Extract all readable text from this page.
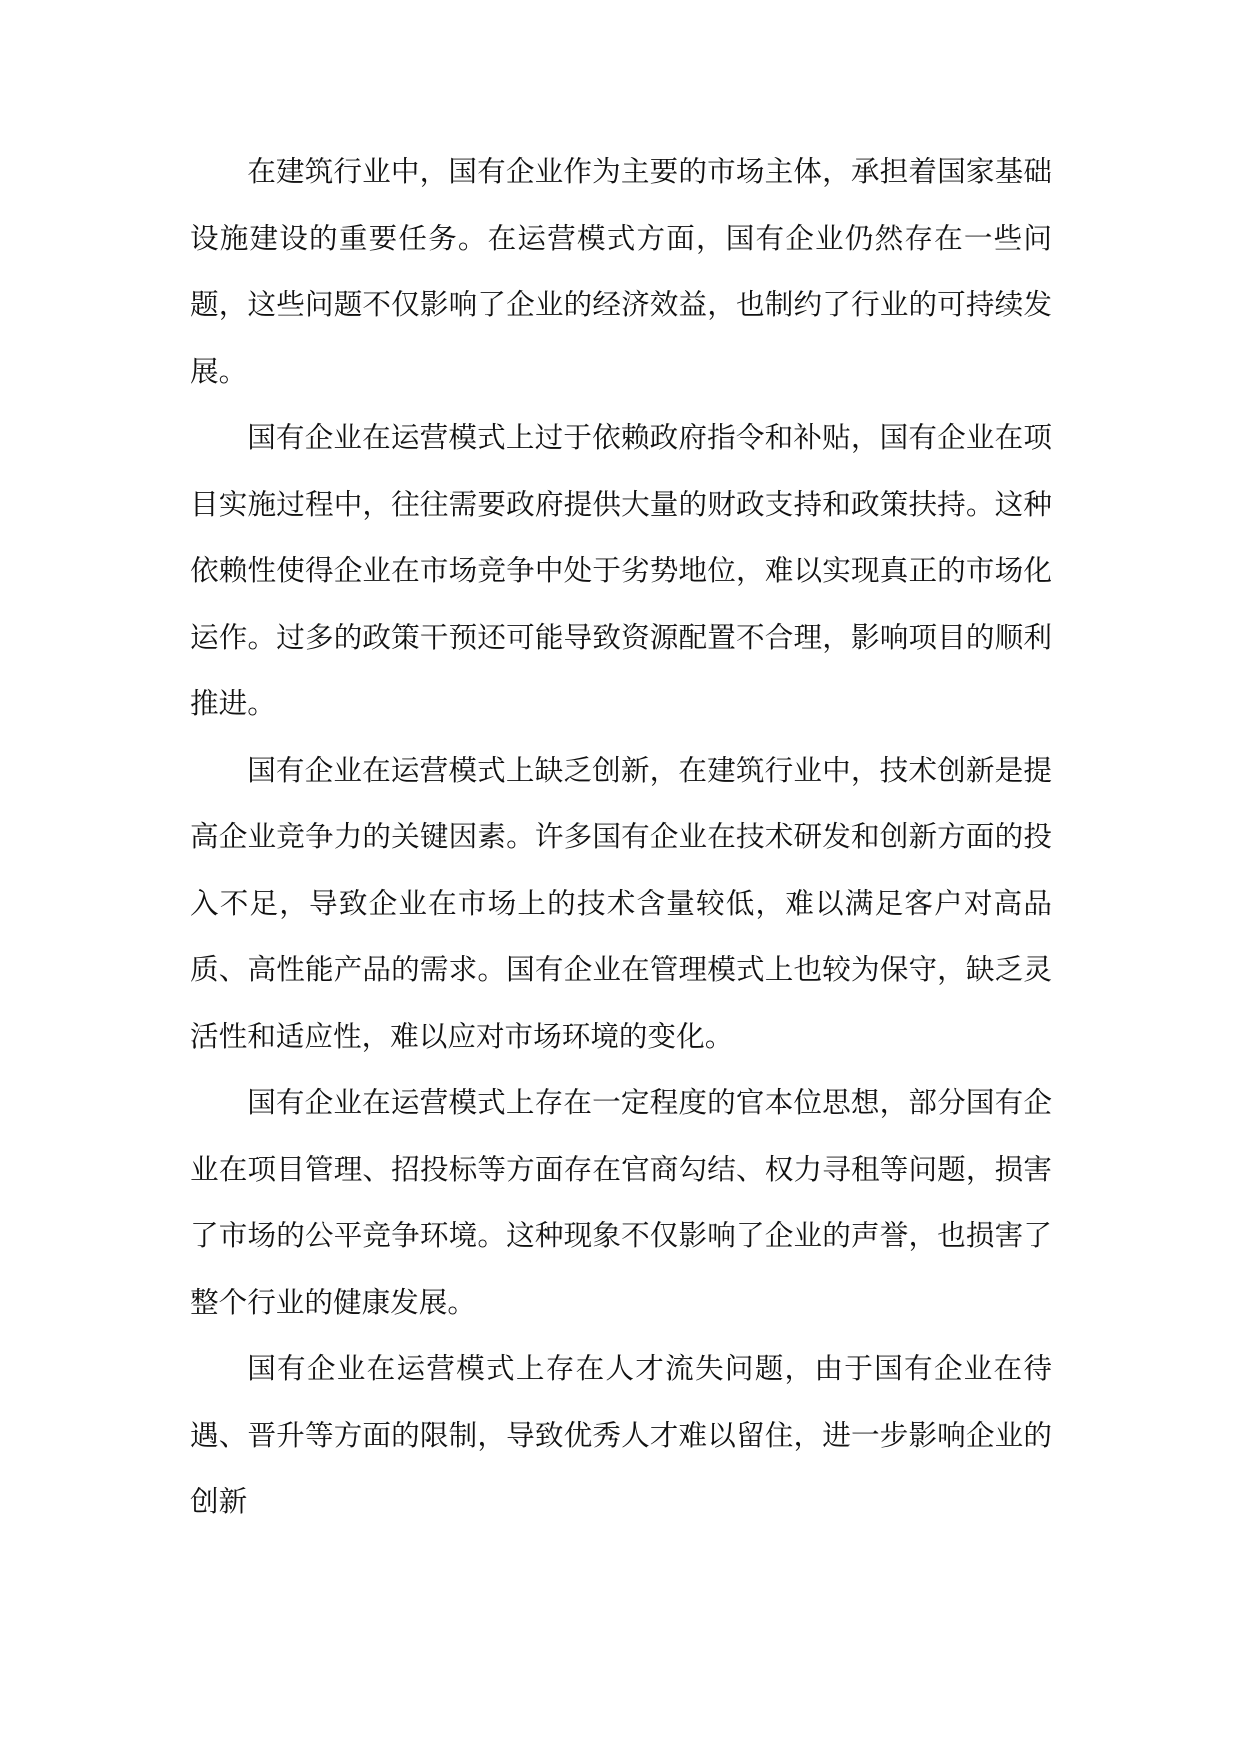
在建筑行业中，国有企业作为主要的市场主体，承担着国家基础设施建设的重要任务。在运营模式方面，国有企业仍然存在一些问题，这些问题不仅影响了企业的经济效益，也制约了行业的可持续发展。

国有企业在运营模式上过于依赖政府指令和补贴，国有企业在项目实施过程中，往往需要政府提供大量的财政支持和政策扶持。这种依赖性使得企业在市场竞争中处于劣势地位，难以实现真正的市场化运作。过多的政策干预还可能导致资源配置不合理，影响项目的顺利推进。

国有企业在运营模式上缺乏创新，在建筑行业中，技术创新是提高企业竞争力的关键因素。许多国有企业在技术研发和创新方面的投入不足，导致企业在市场上的技术含量较低，难以满足客户对高品质、高性能产品的需求。国有企业在管理模式上也较为保守，缺乏灵活性和适应性，难以应对市场环境的变化。

国有企业在运营模式上存在一定程度的官本位思想，部分国有企业在项目管理、招投标等方面存在官商勾结、权力寻租等问题，损害了市场的公平竞争环境。这种现象不仅影响了企业的声誉，也损害了整个行业的健康发展。

国有企业在运营模式上存在人才流失问题，由于国有企业在待遇、晋升等方面的限制，导致优秀人才难以留住，进一步影响企业的创新
